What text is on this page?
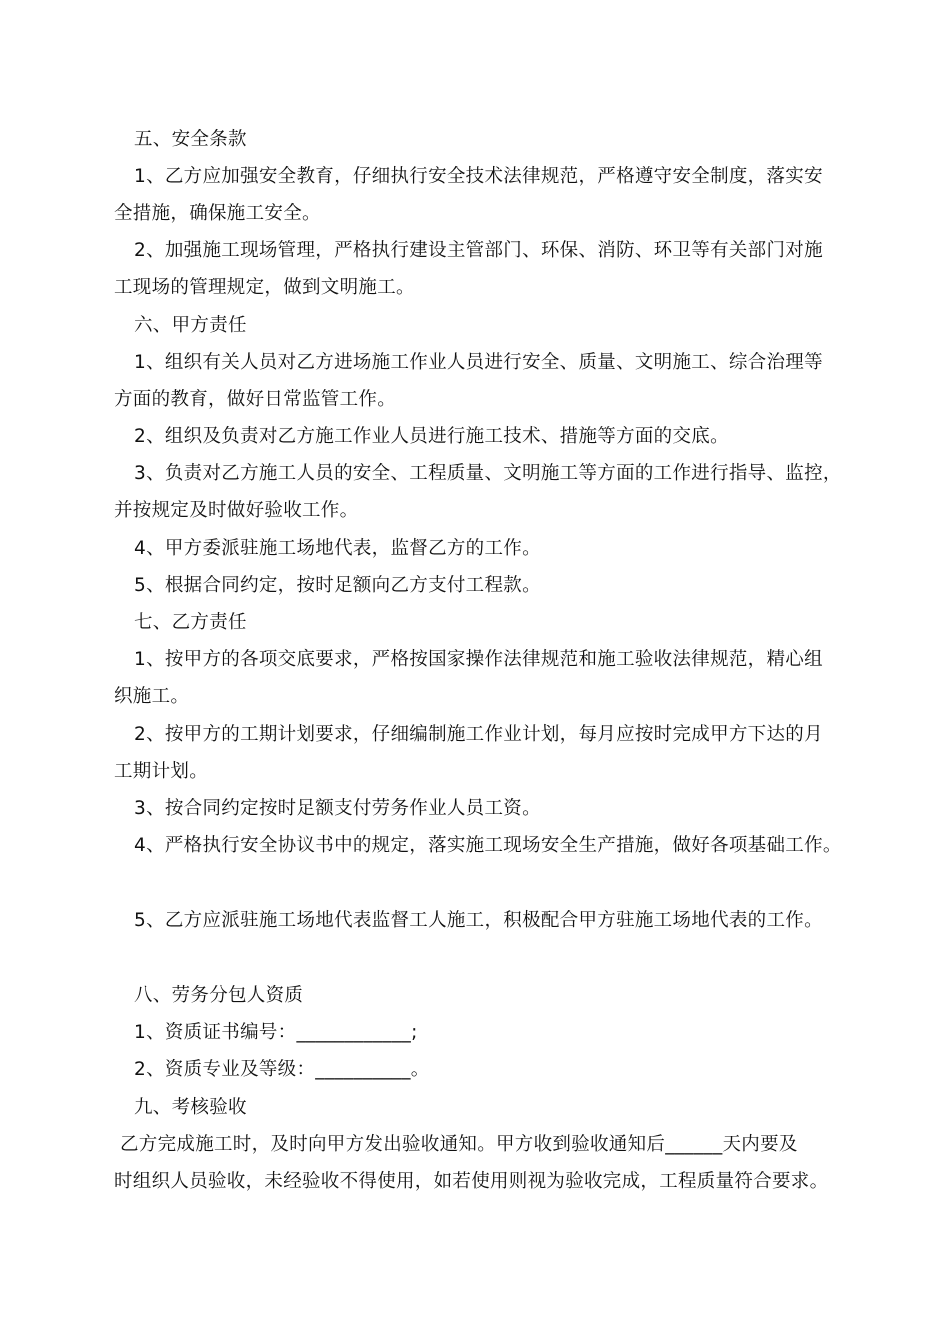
五、安全条款
1、乙方应加强安全教育，仔细执行安全技术法律规范，严格遵守安全制度，落实安
全措施，确保施工安全。
2、加强施工现场管理，严格执行建设主管部门、环保、消防、环卫等有关部门对施
工现场的管理规定，做到文明施工。
六、甲方责任
1、组织有关人员对乙方进场施工作业人员进行安全、质量、文明施工、综合治理等
方面的教育，做好日常监管工作。
2、组织及负责对乙方施工作业人员进行施工技术、措施等方面的交底。
3、负责对乙方施工人员的安全、工程质量、文明施工等方面的工作进行指导、监控，
并按规定及时做好验收工作。
4、甲方委派驻施工场地代表，监督乙方的工作。
5、根据合同约定，按时足额向乙方支付工程款。
七、乙方责任
1、按甲方的各项交底要求，严格按国家操作法律规范和施工验收法律规范，精心组
织施工。
2、按甲方的工期计划要求，仔细编制施工作业计划，每月应按时完成甲方下达的月
工期计划。
3、按合同约定按时足额支付劳务作业人员工资。
4、严格执行安全协议书中的规定，落实施工现场安全生产措施，做好各项基础工作。
5、乙方应派驻施工场地代表监督工人施工，积极配合甲方驻施工场地代表的工作。
八、劳务分包人资质
1、资质证书编号：____________;
2、资质专业及等级：__________。
九、考核验收
乙方完成施工时，及时向甲方发出验收通知。甲方收到验收通知后______天内要及
时组织人员验收，未经验收不得使用，如若使用则视为验收完成，工程质量符合要求。
